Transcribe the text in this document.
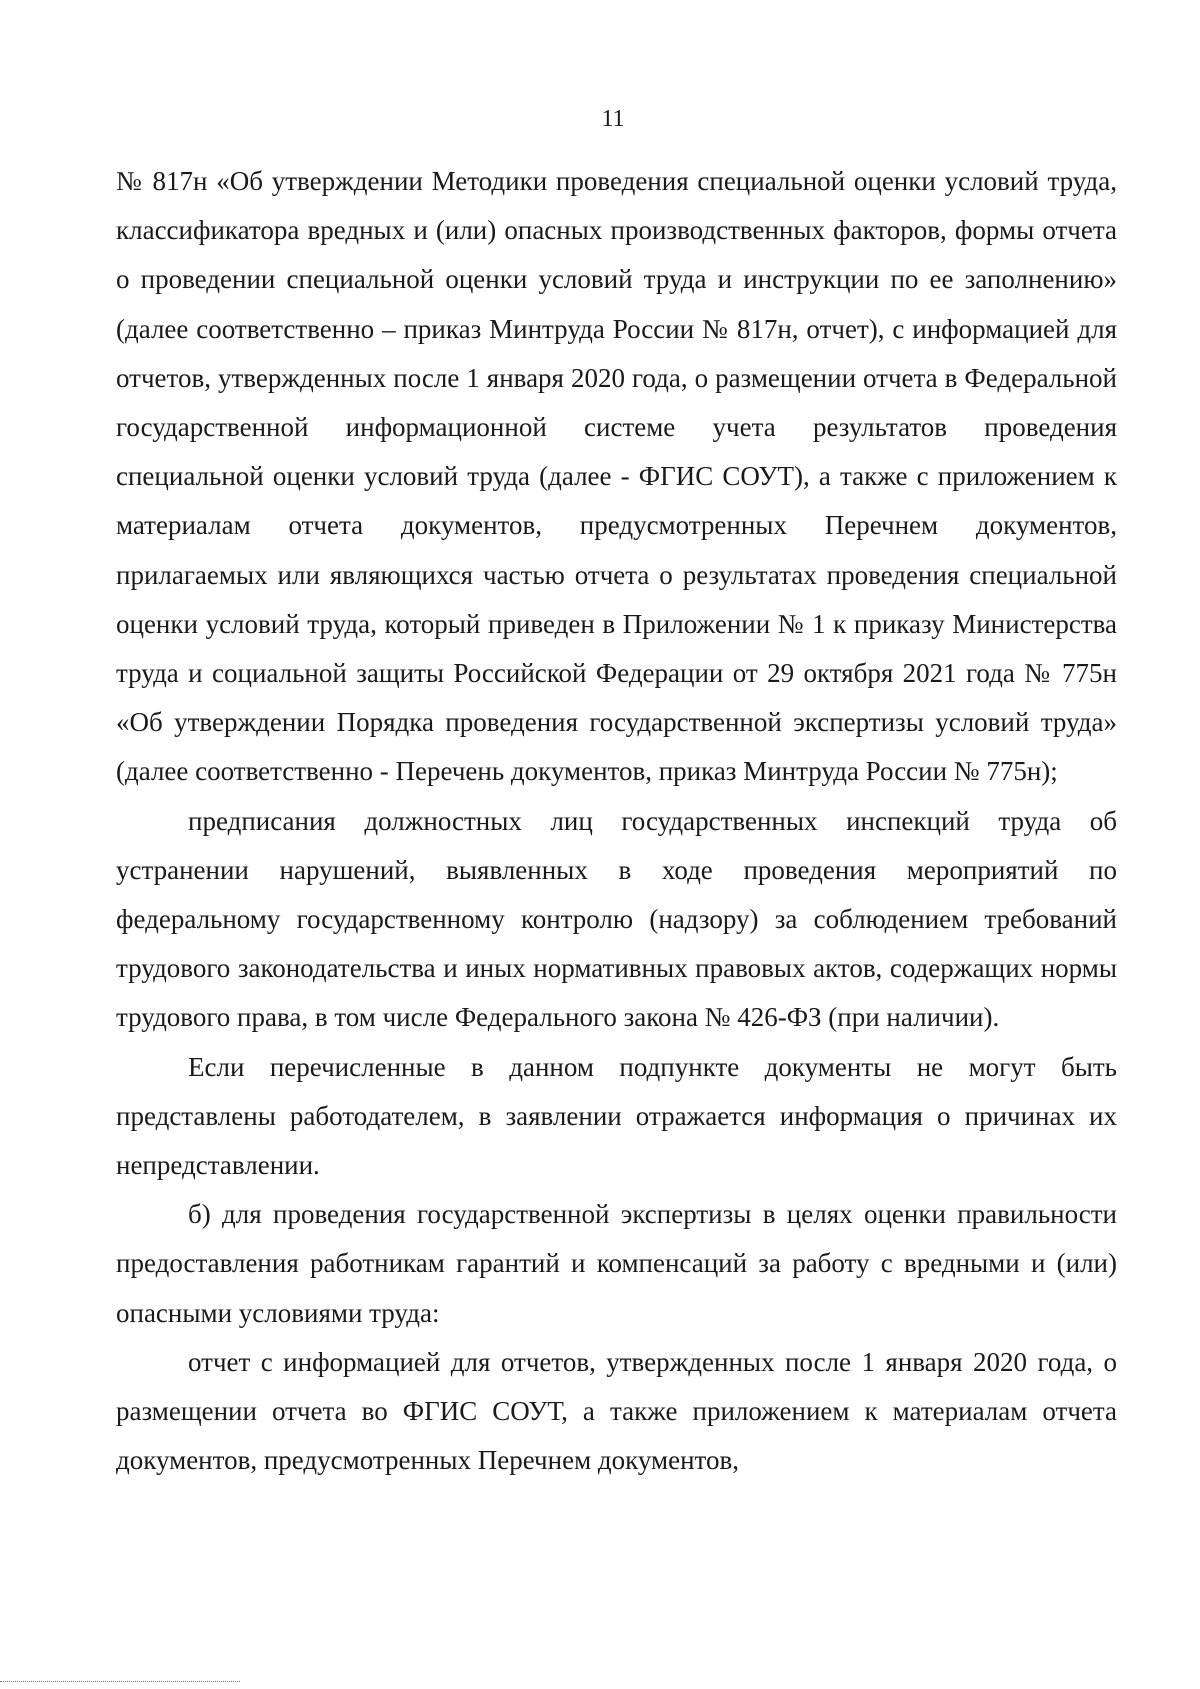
11

№ 817н «Об утверждении Методики проведения специальной оценки условий труда, классификатора вредных и (или) опасных производственных факторов, формы отчета о проведении специальной оценки условий труда и инструкции по ее заполнению» (далее соответственно – приказ Минтруда России № 817н, отчет), с информацией для отчетов, утвержденных после 1 января 2020 года, о размещении отчета в Федеральной государственной информационной системе учета результатов проведения специальной оценки условий труда (далее - ФГИС СОУТ), а также с приложением к материалам отчета документов, предусмотренных Перечнем документов, прилагаемых или являющихся частью отчета о результатах проведения специальной оценки условий труда, который приведен в Приложении № 1 к приказу Министерства труда и социальной защиты Российской Федерации от 29 октября 2021 года № 775н «Об утверждении Порядка проведения государственной экспертизы условий труда» (далее соответственно - Перечень документов, приказ Минтруда России № 775н);

предписания должностных лиц государственных инспекций труда об устранении нарушений, выявленных в ходе проведения мероприятий по федеральному государственному контролю (надзору) за соблюдением требований трудового законодательства и иных нормативных правовых актов, содержащих нормы трудового права, в том числе Федерального закона № 426-ФЗ (при наличии).

Если перечисленные в данном подпункте документы не могут быть представлены работодателем, в заявлении отражается информация о причинах их непредставлении.

б) для проведения государственной экспертизы в целях оценки правильности предоставления работникам гарантий и компенсаций за работу с вредными и (или) опасными условиями труда:

отчет с информацией для отчетов, утвержденных после 1 января 2020 года, о размещении отчета во ФГИС СОУТ, а также приложением к материалам отчета документов, предусмотренных Перечнем документов,
